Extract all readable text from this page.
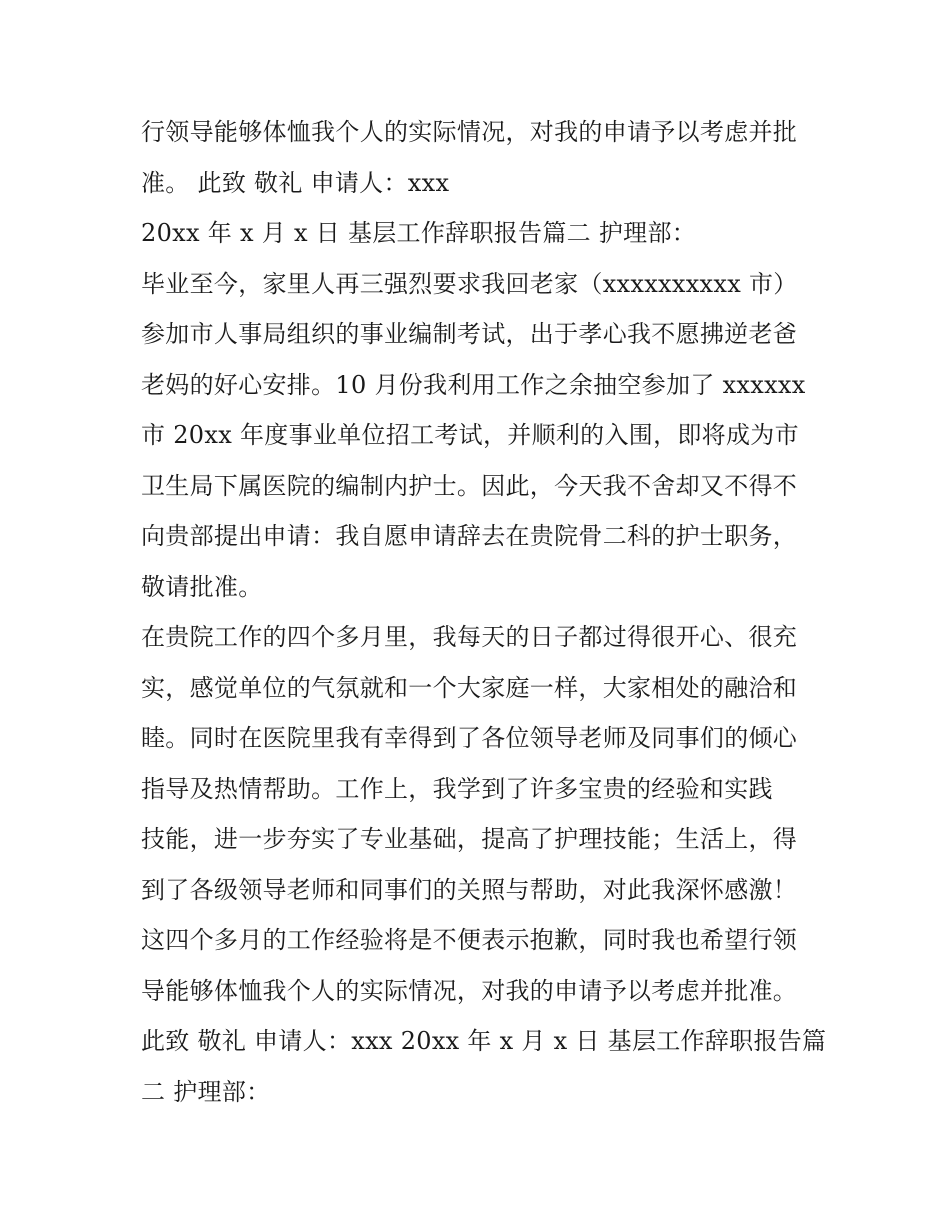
行领导能够体恤我个人的实际情况，对我的申请予以考虑并批
准。 此致 敬礼 申请人：xxx
20xx 年 x 月 x 日 基层工作辞职报告篇二 护理部：
毕业至今，家里人再三强烈要求我回老家（xxxxxxxxxx 市）
参加市人事局组织的事业编制考试，出于孝心我不愿拂逆老爸
老妈的好心安排。10 月份我利用工作之余抽空参加了 xxxxxx
市 20xx 年度事业单位招工考试，并顺利的入围，即将成为市
卫生局下属医院的编制内护士。因此，今天我不舍却又不得不
向贵部提出申请：我自愿申请辞去在贵院骨二科的护士职务，
敬请批准。
在贵院工作的四个多月里，我每天的日子都过得很开心、很充
实，感觉单位的气氛就和一个大家庭一样，大家相处的融洽和
睦。同时在医院里我有幸得到了各位领导老师及同事们的倾心
指导及热情帮助。工作上，我学到了许多宝贵的经验和实践
技能，进一步夯实了专业基础，提高了护理技能；生活上，得
到了各级领导老师和同事们的关照与帮助，对此我深怀感激！
这四个多月的工作经验将是不便表示抱歉，同时我也希望行领
导能够体恤我个人的实际情况，对我的申请予以考虑并批准。
此致 敬礼 申请人：xxx 20xx 年 x 月 x 日 基层工作辞职报告篇
二 护理部：
